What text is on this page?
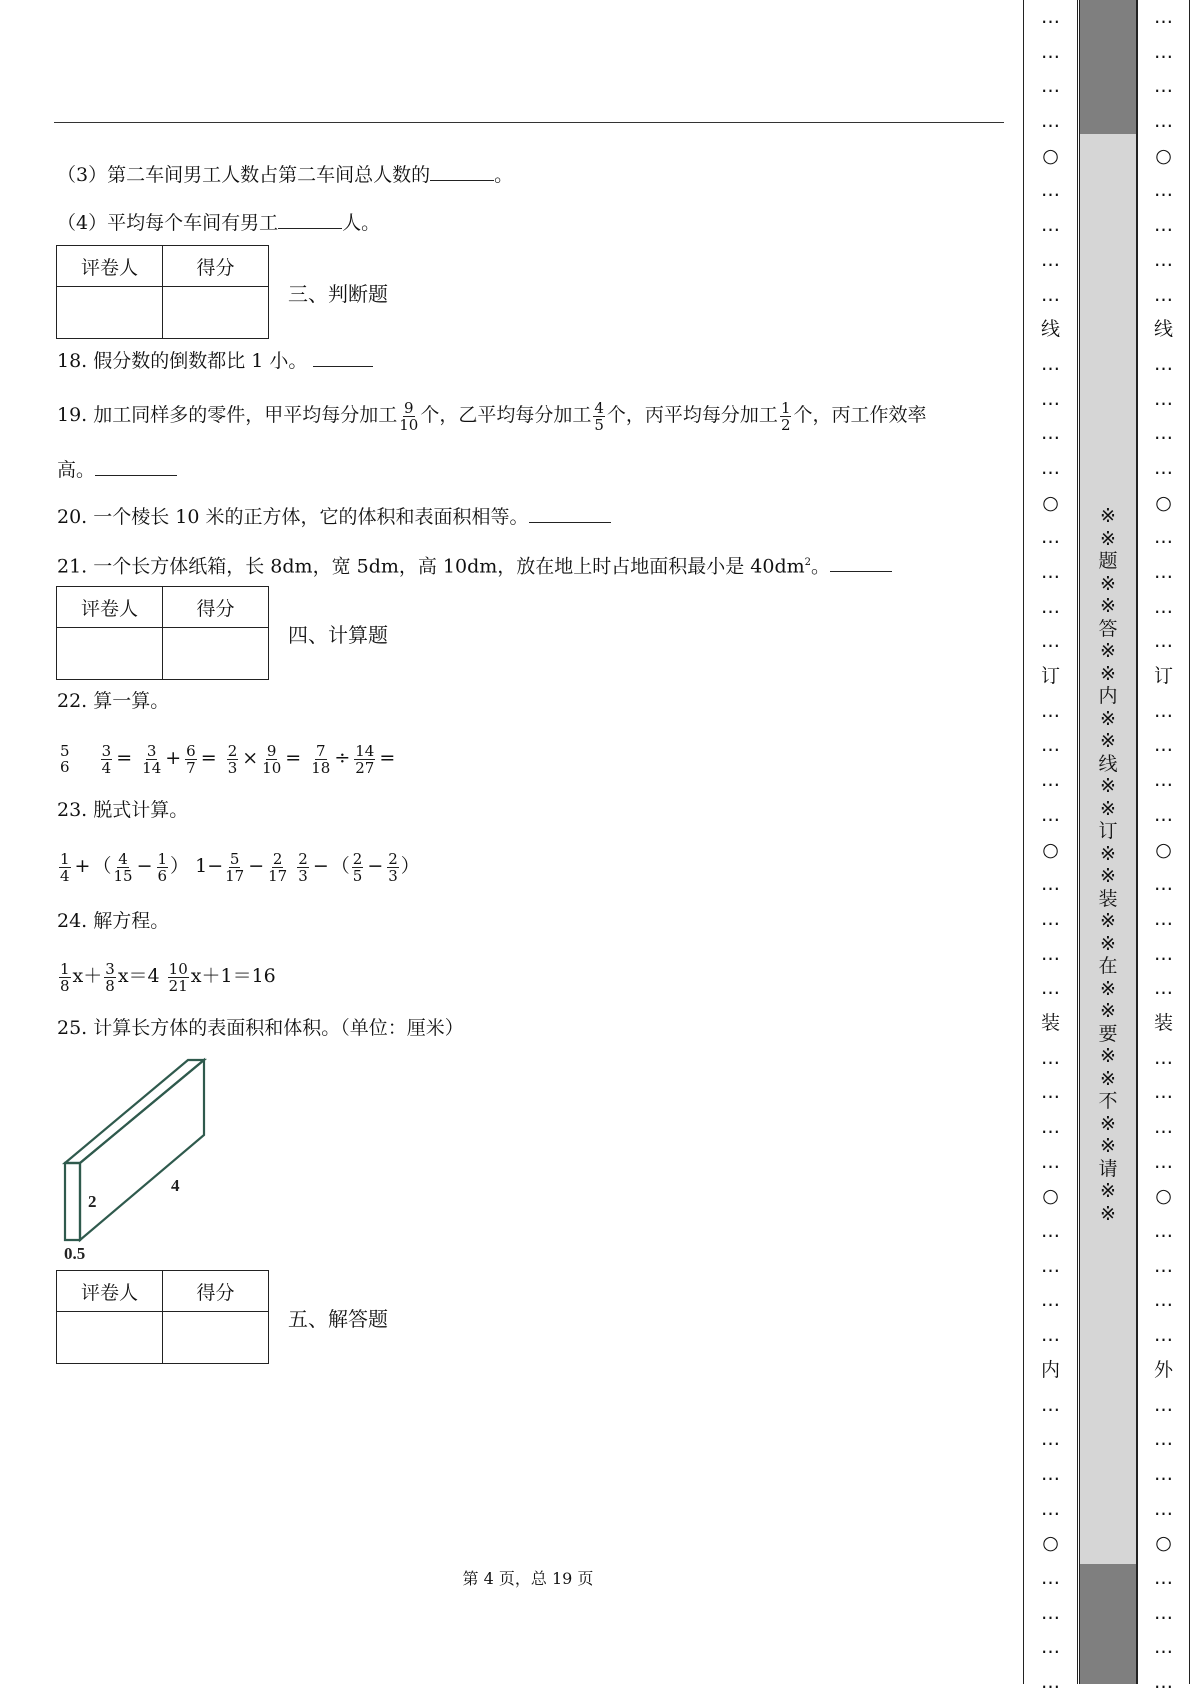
（3）第二车间男工人数占第二车间总人数的	。
（4）平均每个车间有男工	人。
评卷人	得分

三、判断题
18. 假分数的倒数都比 1 小。
19. 加工同样多的零件，甲平均每分加工 $\frac{9}{10}$ 个，乙平均每分加工 $\frac{4}{5}$ 个，丙平均每分加工 $\frac{1}{2}$ 个，丙工作效率
高。
20. 一个棱长 10 米的正方体，它的体积和表面积相等。
21. 一个长方体纸箱，长 8dm，宽 5dm，高 10dm，放在地上时占地面积最小是 $40dm^2$。
评卷人	得分

四、计算题
22. 算一算。
5
6
$\frac{3}{4} = \frac{3}{14} + \frac{6}{7} = \frac{2}{3} \times \frac{9}{10} = \frac{7}{18} \div \frac{14}{27}$ =
23. 脱式计算。
$\frac{1}{4}$ + （ $\frac{4}{15} - \frac{1}{6}$ ） $1- \frac{5}{17} - \frac{2}{17}$
$\frac{2}{3}$ − （ $\frac{2}{5} - \frac{2}{3}$ ）
24. 解方程。
$\frac{1}{8} x+ \frac{3}{8} x=4 \frac{10}{21} x+1=16$
25. 计算长方体的表面积和体积。（单位：厘米）
2
4
0.5
评卷人	得分

五、解答题
第 4 页，总 19 页
…
…
…
…
○
…
…
…
…
线
…
…
…
…
○
…
…
…
…
订
…
…
…
…
○
…
…
…
…
装
…
…
…
…
○
…
…
…
…
内
…
…
…
…
○
…
…
…
…
※
※
题
※
※
答
※
※
内
※
※
线
※
※
订
※
※
装
※
※
在
※
※
要
※
※
不
※
※
请
※
※
…
…
…
…
○
…
…
…
…
线
…
…
…
…
○
…
…
…
…
订
…
…
…
…
○
…
…
…
…
装
…
…
…
…
○
…
…
…
…
外
…
…
…
…
○
…
…
…
…
